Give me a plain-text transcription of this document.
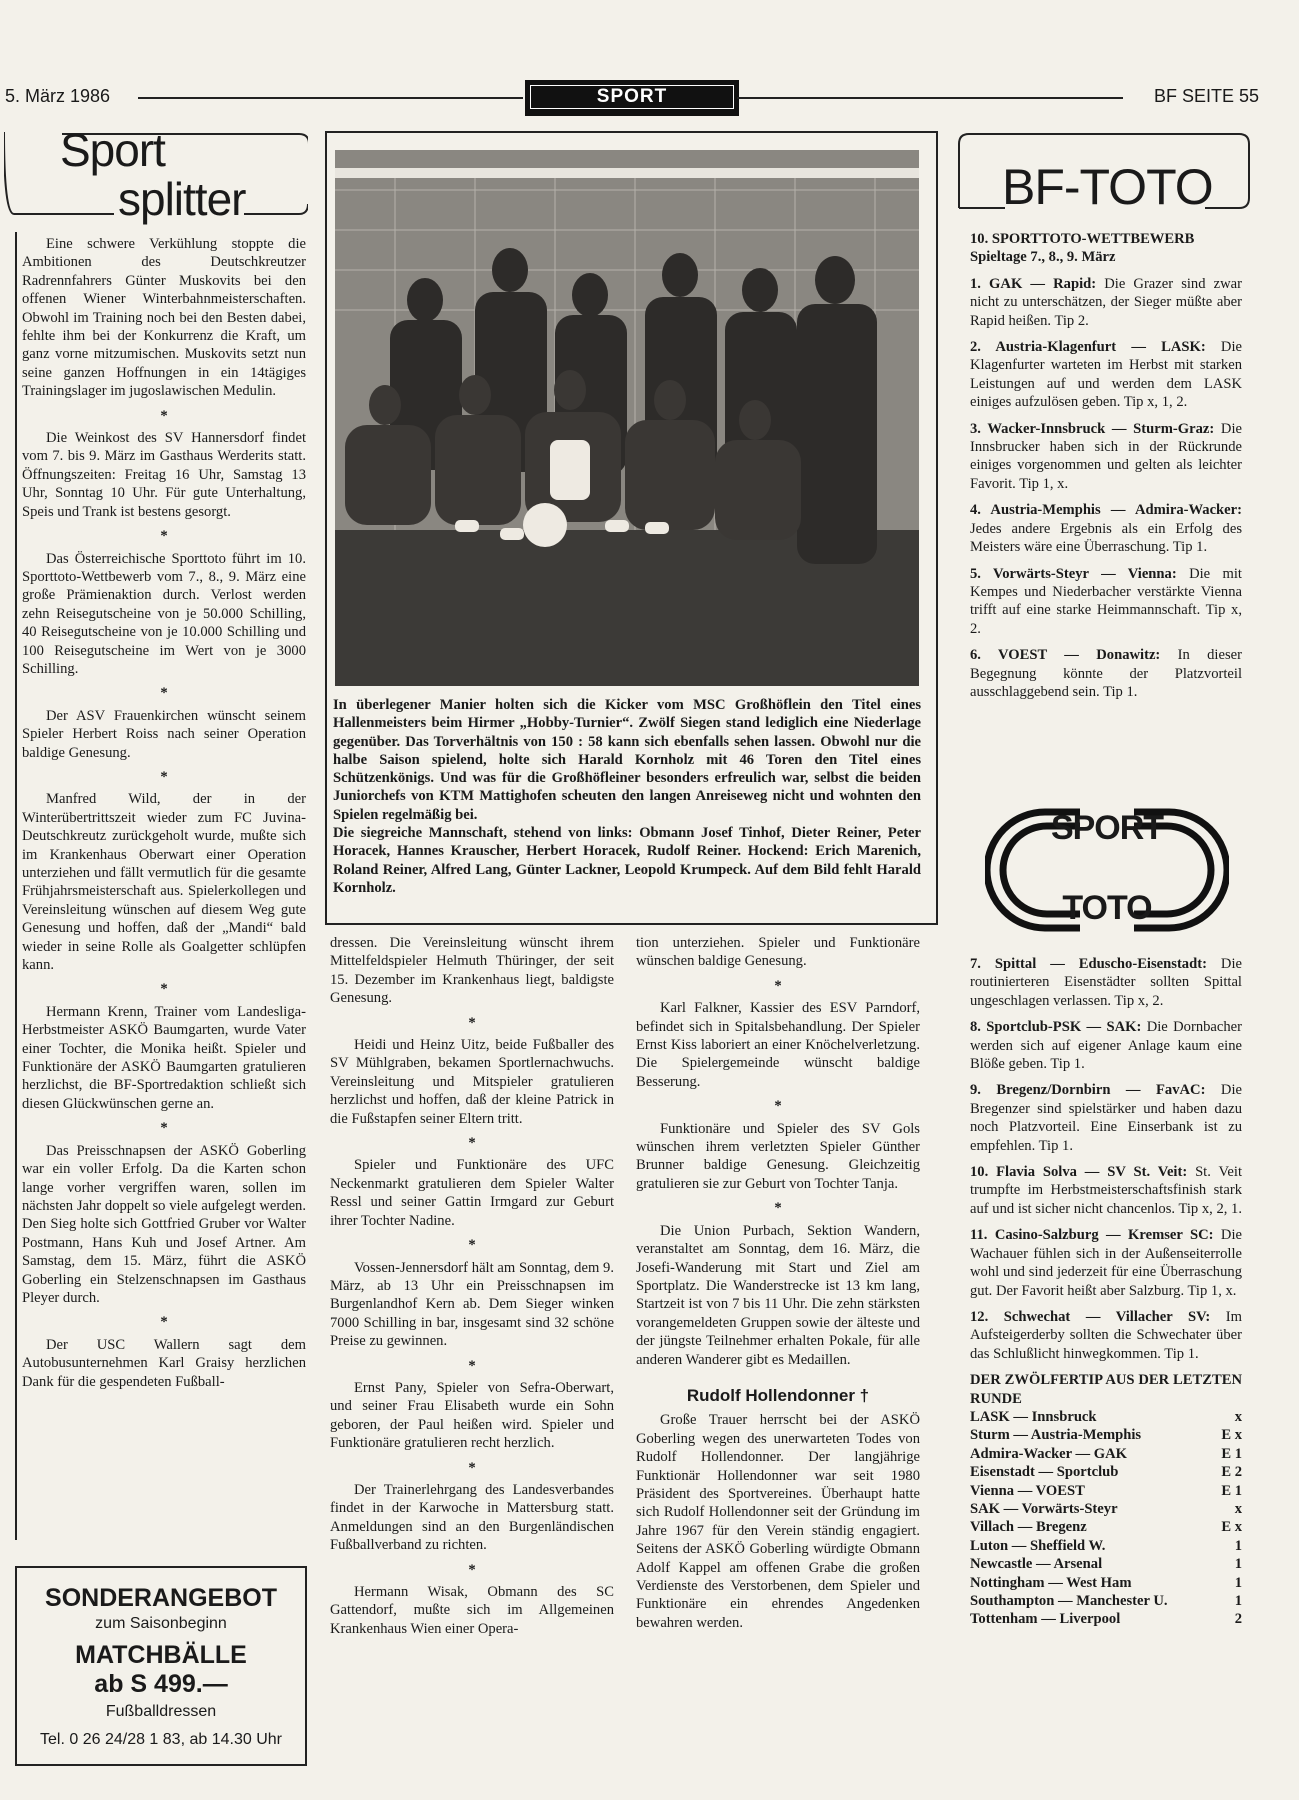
5. März 1986	SPORT	BF SEITE 55
Sport
splitter

Eine schwere Verkühlung stoppte die Ambitionen des Deutschkreutzer Radrennfahrers Günter Muskovits bei den offenen Wiener Winterbahnmeisterschaften. Obwohl im Training noch bei den Besten dabei, fehlte ihm bei der Konkurrenz die Kraft, um ganz vorne mitzumischen. Muskovits setzt nun seine ganzen Hoffnungen in ein 14tägiges Trainingslager im jugoslawischen Medulin.

*

Die Weinkost des SV Hannersdorf findet vom 7. bis 9. März im Gasthaus Werderits statt. Öffnungszeiten: Freitag 16 Uhr, Samstag 13 Uhr, Sonntag 10 Uhr. Für gute Unterhaltung, Speis und Trank ist bestens gesorgt.

*

Das Österreichische Sporttoto führt im 10. Sporttoto-Wettbewerb vom 7., 8., 9. März eine große Prämienaktion durch. Verlost werden zehn Reisegutscheine von je 50.000 Schilling, 40 Reisegutscheine von je 10.000 Schilling und 100 Reisegutscheine im Wert von je 3000 Schilling.

*

Der ASV Frauenkirchen wünscht seinem Spieler Herbert Roiss nach seiner Operation baldige Genesung.

*

Manfred Wild, der in der Winterübertrittszeit wieder zum FC Juvina-Deutschkreutz zurückgeholt wurde, mußte sich im Krankenhaus Oberwart einer Operation unterziehen und fällt vermutlich für die gesamte Frühjahrsmeisterschaft aus. Spielerkollegen und Vereinsleitung wünschen auf diesem Weg gute Genesung und hoffen, daß der „Mandi“ bald wieder in seine Rolle als Goalgetter schlüpfen kann.

*

Hermann Krenn, Trainer vom Landesliga-Herbstmeister ASKÖ Baumgarten, wurde Vater einer Tochter, die Monika heißt. Spieler und Funktionäre der ASKÖ Baumgarten gratulieren herzlichst, die BF-Sportredaktion schließt sich diesen Glückwünschen gerne an.

*

Das Preisschnapsen der ASKÖ Goberling war ein voller Erfolg. Da die Karten schon lange vorher vergriffen waren, sollen im nächsten Jahr doppelt so viele aufgelegt werden. Den Sieg holte sich Gottfried Gruber vor Walter Postmann, Hans Kuh und Josef Artner. Am Samstag, dem 15. März, führt die ASKÖ Goberling ein Stelzenschnapsen im Gasthaus Pleyer durch.

*

Der USC Wallern sagt dem Autobusunternehmen Karl Graisy herzlichen Dank für die gespendeten Fußball-

SONDERANGEBOT
zum Saisonbeginn
MATCHBÄLLE
ab S 499.—
Fußballdressen
Tel. 0 26 24/28 1 83, ab 14.30 Uhr
In überlegener Manier holten sich die Kicker vom MSC Großhöflein den Titel eines Hallenmeisters beim Hirmer „Hobby-Turnier“. Zwölf Siegen stand lediglich eine Niederlage gegenüber. Das Torverhältnis von 150 : 58 kann sich ebenfalls sehen lassen. Obwohl nur die halbe Saison spielend, holte sich Harald Kornholz mit 46 Toren den Titel eines Schützenkönigs. Und was für die Großhöfleiner besonders erfreulich war, selbst die beiden Juniorchefs von KTM Mattighofen scheuten den langen Anreiseweg nicht und wohnten den Spielen regelmäßig bei.
Die siegreiche Mannschaft, stehend von links: Obmann Josef Tinhof, Dieter Reiner, Peter Horacek, Hannes Krauscher, Herbert Horacek, Rudolf Reiner. Hockend: Erich Marenich, Roland Reiner, Alfred Lang, Günter Lackner, Leopold Krumpeck. Auf dem Bild fehlt Harald Kornholz.

dressen. Die Vereinsleitung wünscht ihrem Mittelfeldspieler Helmuth Thüringer, der seit 15. Dezember im Krankenhaus liegt, baldigste Genesung.

*

Heidi und Heinz Uitz, beide Fußballer des SV Mühlgraben, bekamen Sportlernachwuchs. Vereinsleitung und Mitspieler gratulieren herzlichst und hoffen, daß der kleine Patrick in die Fußstapfen seiner Eltern tritt.

*

Spieler und Funktionäre des UFC Neckenmarkt gratulieren dem Spieler Walter Ressl und seiner Gattin Irmgard zur Geburt ihrer Tochter Nadine.

*

Vossen-Jennersdorf hält am Sonntag, dem 9. März, ab 13 Uhr ein Preisschnapsen im Burgenlandhof Kern ab. Dem Sieger winken 7000 Schilling in bar, insgesamt sind 32 schöne Preise zu gewinnen.

*

Ernst Pany, Spieler von Sefra-Oberwart, und seiner Frau Elisabeth wurde ein Sohn geboren, der Paul heißen wird. Spieler und Funktionäre gratulieren recht herzlich.

*

Der Trainerlehrgang des Landesverbandes findet in der Karwoche in Mattersburg statt. Anmeldungen sind an den Burgenländischen Fußballverband zu richten.

*

Hermann Wisak, Obmann des SC Gattendorf, mußte sich im Allgemeinen Krankenhaus Wien einer Opera-

tion unterziehen. Spieler und Funktionäre wünschen baldige Genesung.

*

Karl Falkner, Kassier des ESV Parndorf, befindet sich in Spitalsbehandlung. Der Spieler Ernst Kiss laboriert an einer Knöchelverletzung. Die Spielergemeinde wünscht baldige Besserung.

*

Funktionäre und Spieler des SV Gols wünschen ihrem verletzten Spieler Günther Brunner baldige Genesung. Gleichzeitig gratulieren sie zur Geburt von Tochter Tanja.

*

Die Union Purbach, Sektion Wandern, veranstaltet am Sonntag, dem 16. März, die Josefi-Wanderung mit Start und Ziel am Sportplatz. Die Wanderstrecke ist 13 km lang, Startzeit ist von 7 bis 11 Uhr. Die zehn stärksten vorangemeldeten Gruppen sowie der älteste und der jüngste Teilnehmer erhalten Pokale, für alle anderen Wanderer gibt es Medaillen.

Rudolf Hollendonner †

Große Trauer herrscht bei der ASKÖ Goberling wegen des unerwarteten Todes von Rudolf Hollendonner. Der langjährige Funktionär Hollendonner war seit 1980 Präsident des Sportvereines. Überhaupt hatte sich Rudolf Hollendonner seit der Gründung im Jahre 1967 für den Verein ständig engagiert. Seitens der ASKÖ Goberling würdigte Obmann Adolf Kappel am offenen Grabe die großen Verdienste des Verstorbenen, dem Spieler und Funktionäre ein ehrendes Angedenken bewahren werden.

BF-TOTO
10. SPORTTOTO-WETTBEWERB
Spieltage 7., 8., 9. März

1. GAK — Rapid: Die Grazer sind zwar nicht zu unterschätzen, der Sieger müßte aber Rapid heißen. Tip 2.

2. Austria-Klagenfurt — LASK: Die Klagenfurter warteten im Herbst mit starken Leistungen auf und werden dem LASK einiges aufzulösen geben. Tip x, 1, 2.

3. Wacker-Innsbruck — Sturm-Graz: Die Innsbrucker haben sich in der Rückrunde einiges vorgenommen und gelten als leichter Favorit. Tip 1, x.

4. Austria-Memphis — Admira-Wacker: Jedes andere Ergebnis als ein Erfolg des Meisters wäre eine Überraschung. Tip 1.

5. Vorwärts-Steyr — Vienna: Die mit Kempes und Niederbacher verstärkte Vienna trifft auf eine starke Heimmannschaft. Tip x, 2.

6. VOEST — Donawitz: In dieser Begegnung könnte der Platzvorteil ausschlaggebend sein. Tip 1.

SPORT
TOTO

7. Spittal — Eduscho-Eisenstadt: Die routinierteren Eisenstädter sollten Spittal ungeschlagen verlassen. Tip x, 2.

8. Sportclub-PSK — SAK: Die Dornbacher werden sich auf eigener Anlage kaum eine Blöße geben. Tip 1.

9. Bregenz/Dornbirn — FavAC: Die Bregenzer sind spielstärker und haben dazu noch Platzvorteil. Eine Einserbank ist zu empfehlen. Tip 1.

10. Flavia Solva — SV St. Veit: St. Veit trumpfte im Herbstmeisterschaftsfinish stark auf und ist sicher nicht chancenlos. Tip x, 2, 1.

11. Casino-Salzburg — Kremser SC: Die Wachauer fühlen sich in der Außenseiterrolle wohl und sind jederzeit für eine Überraschung gut. Der Favorit heißt aber Salzburg. Tip 1, x.

12. Schwechat — Villacher SV: Im Aufsteigerderby sollten die Schwechater über das Schlußlicht hinwegkommen. Tip 1.

DER ZWÖLFERTIP AUS DER LETZTEN RUNDE
LASK — Innsbruck	x
Sturm — Austria-Memphis	E x
Admira-Wacker — GAK	E 1
Eisenstadt — Sportclub	E 2
Vienna — VOEST	E 1
SAK — Vorwärts-Steyr	x
Villach — Bregenz	E x
Luton — Sheffield W.	1
Newcastle — Arsenal	1
Nottingham — West Ham	1
Southampton — Manchester U.	1
Tottenham — Liverpool	2
